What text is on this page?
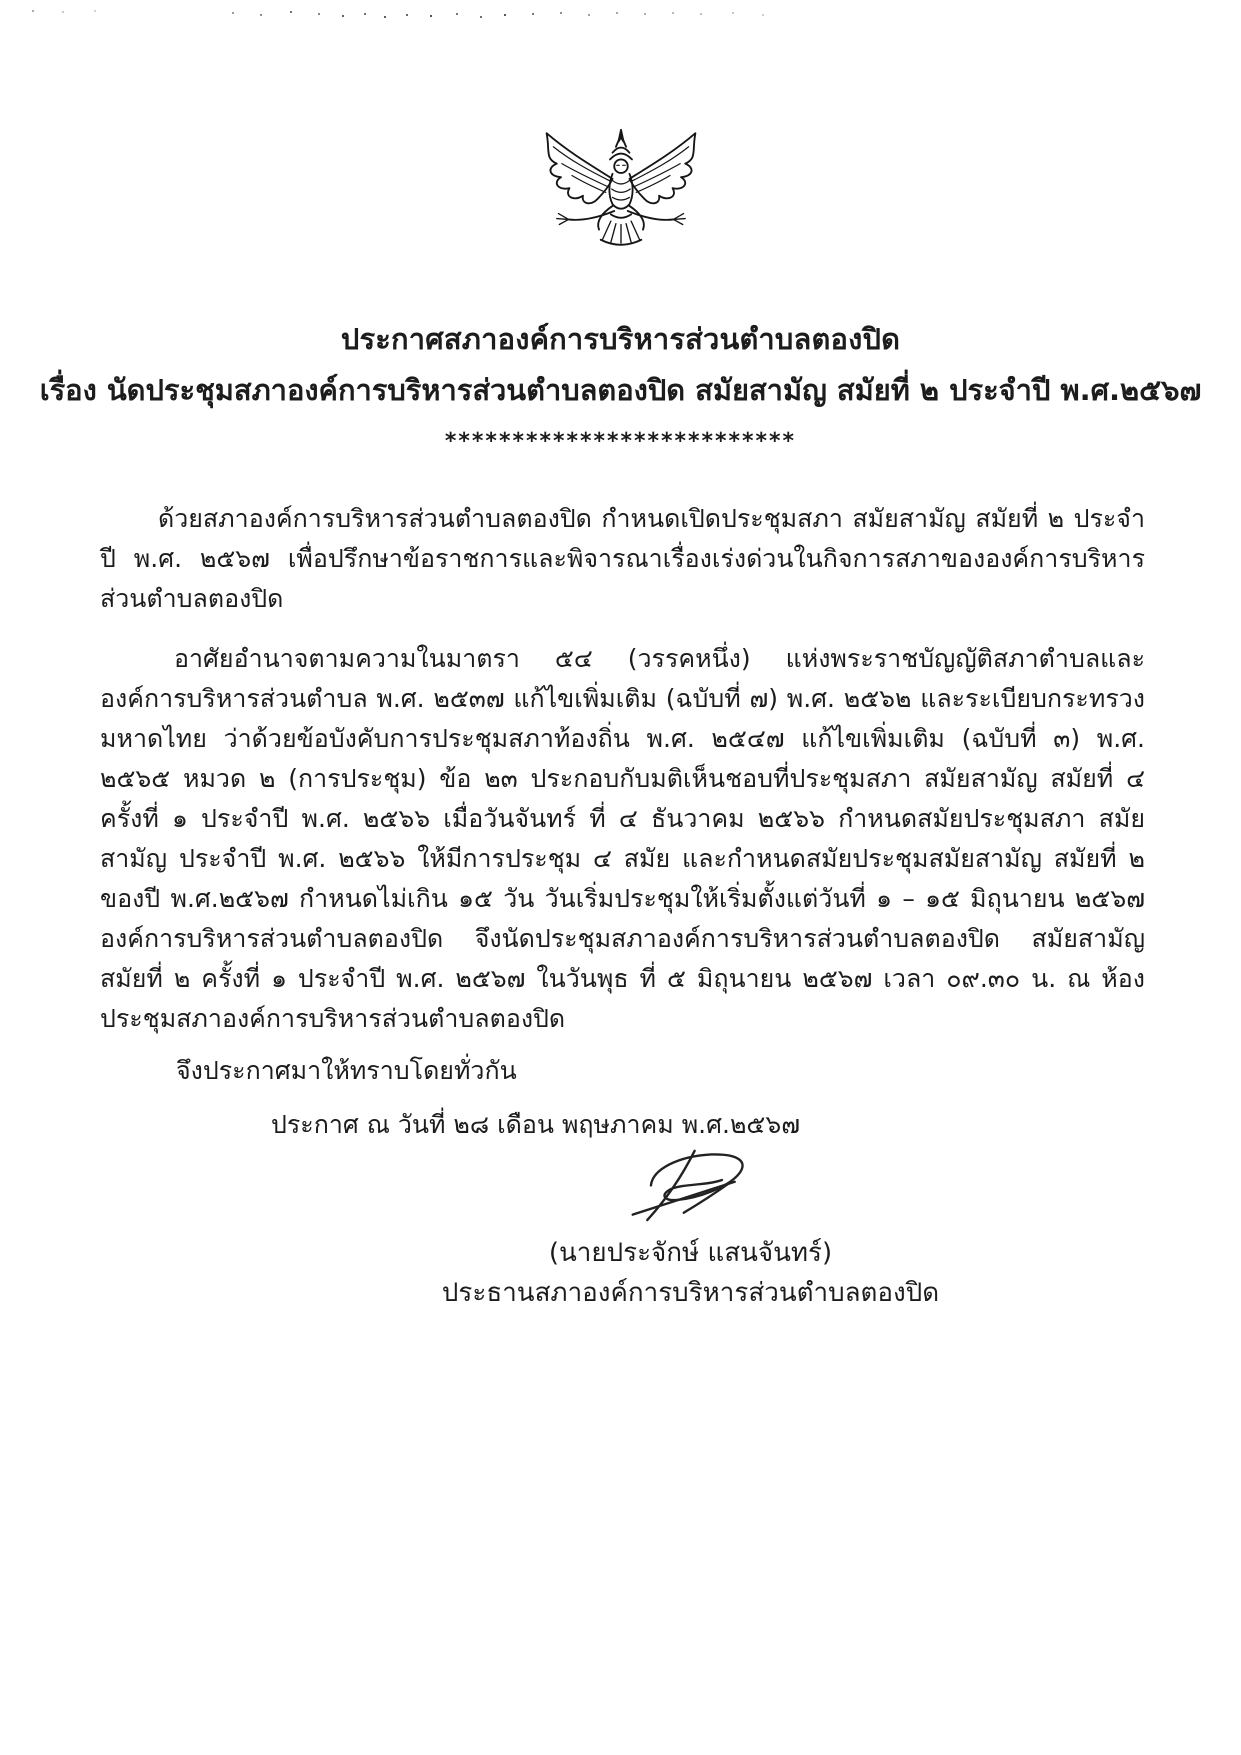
ประกาศสภาองค์การบริหารส่วนตำบลตองปิด
เรื่อง นัดประชุมสภาองค์การบริหารส่วนตำบลตองปิด สมัยสามัญ สมัยที่ ๒ ประจำปี พ.ศ.๒๕๖๗
**************************

ด้วยสภาองค์การบริหารส่วนตำบลตองปิด กำหนดเปิดประชุมสภา สมัยสามัญ สมัยที่ ๒ ประจำปี พ.ศ. ๒๕๖๗ เพื่อปรึกษาข้อราชการและพิจารณาเรื่องเร่งด่วนในกิจการสภาขององค์การบริหารส่วนตำบลตองปิด

อาศัยอำนาจตามความในมาตรา ๕๔ (วรรคหนึ่ง) แห่งพระราชบัญญัติสภาตำบลและองค์การบริหารส่วนตำบล พ.ศ. ๒๕๓๗ แก้ไขเพิ่มเติม (ฉบับที่ ๗) พ.ศ. ๒๕๖๒ และระเบียบกระทรวงมหาดไทย ว่าด้วยข้อบังคับการประชุมสภาท้องถิ่น พ.ศ. ๒๕๔๗ แก้ไขเพิ่มเติม (ฉบับที่ ๓) พ.ศ. ๒๕๖๕ หมวด ๒ (การประชุม) ข้อ ๒๓ ประกอบกับมติเห็นชอบที่ประชุมสภา สมัยสามัญ สมัยที่ ๔ ครั้งที่ ๑ ประจำปี พ.ศ. ๒๕๖๖ เมื่อวันจันทร์ ที่ ๔ ธันวาคม ๒๕๖๖ กำหนดสมัยประชุมสภา สมัยสามัญ ประจำปี พ.ศ. ๒๕๖๖ ให้มีการประชุม ๔ สมัย และกำหนดสมัยประชุมสมัยสามัญ สมัยที่ ๒ ของปี พ.ศ.๒๕๖๗ กำหนดไม่เกิน ๑๕ วัน วันเริ่มประชุมให้เริ่มตั้งแต่วันที่ ๑ – ๑๕ มิถุนายน ๒๕๖๗ องค์การบริหารส่วนตำบลตองปิด จึงนัดประชุมสภาองค์การบริหารส่วนตำบลตองปิด สมัยสามัญ สมัยที่ ๒ ครั้งที่ ๑ ประจำปี พ.ศ. ๒๕๖๗ ในวันพุธ ที่ ๕ มิถุนายน ๒๕๖๗ เวลา ๐๙.๓๐ น. ณ ห้องประชุมสภาองค์การบริหารส่วนตำบลตองปิด

จึงประกาศมาให้ทราบโดยทั่วกัน

ประกาศ ณ วันที่ ๒๘ เดือน พฤษภาคม พ.ศ.๒๕๖๗
(นายประจักษ์ แสนจันทร์)
ประธานสภาองค์การบริหารส่วนตำบลตองปิด
